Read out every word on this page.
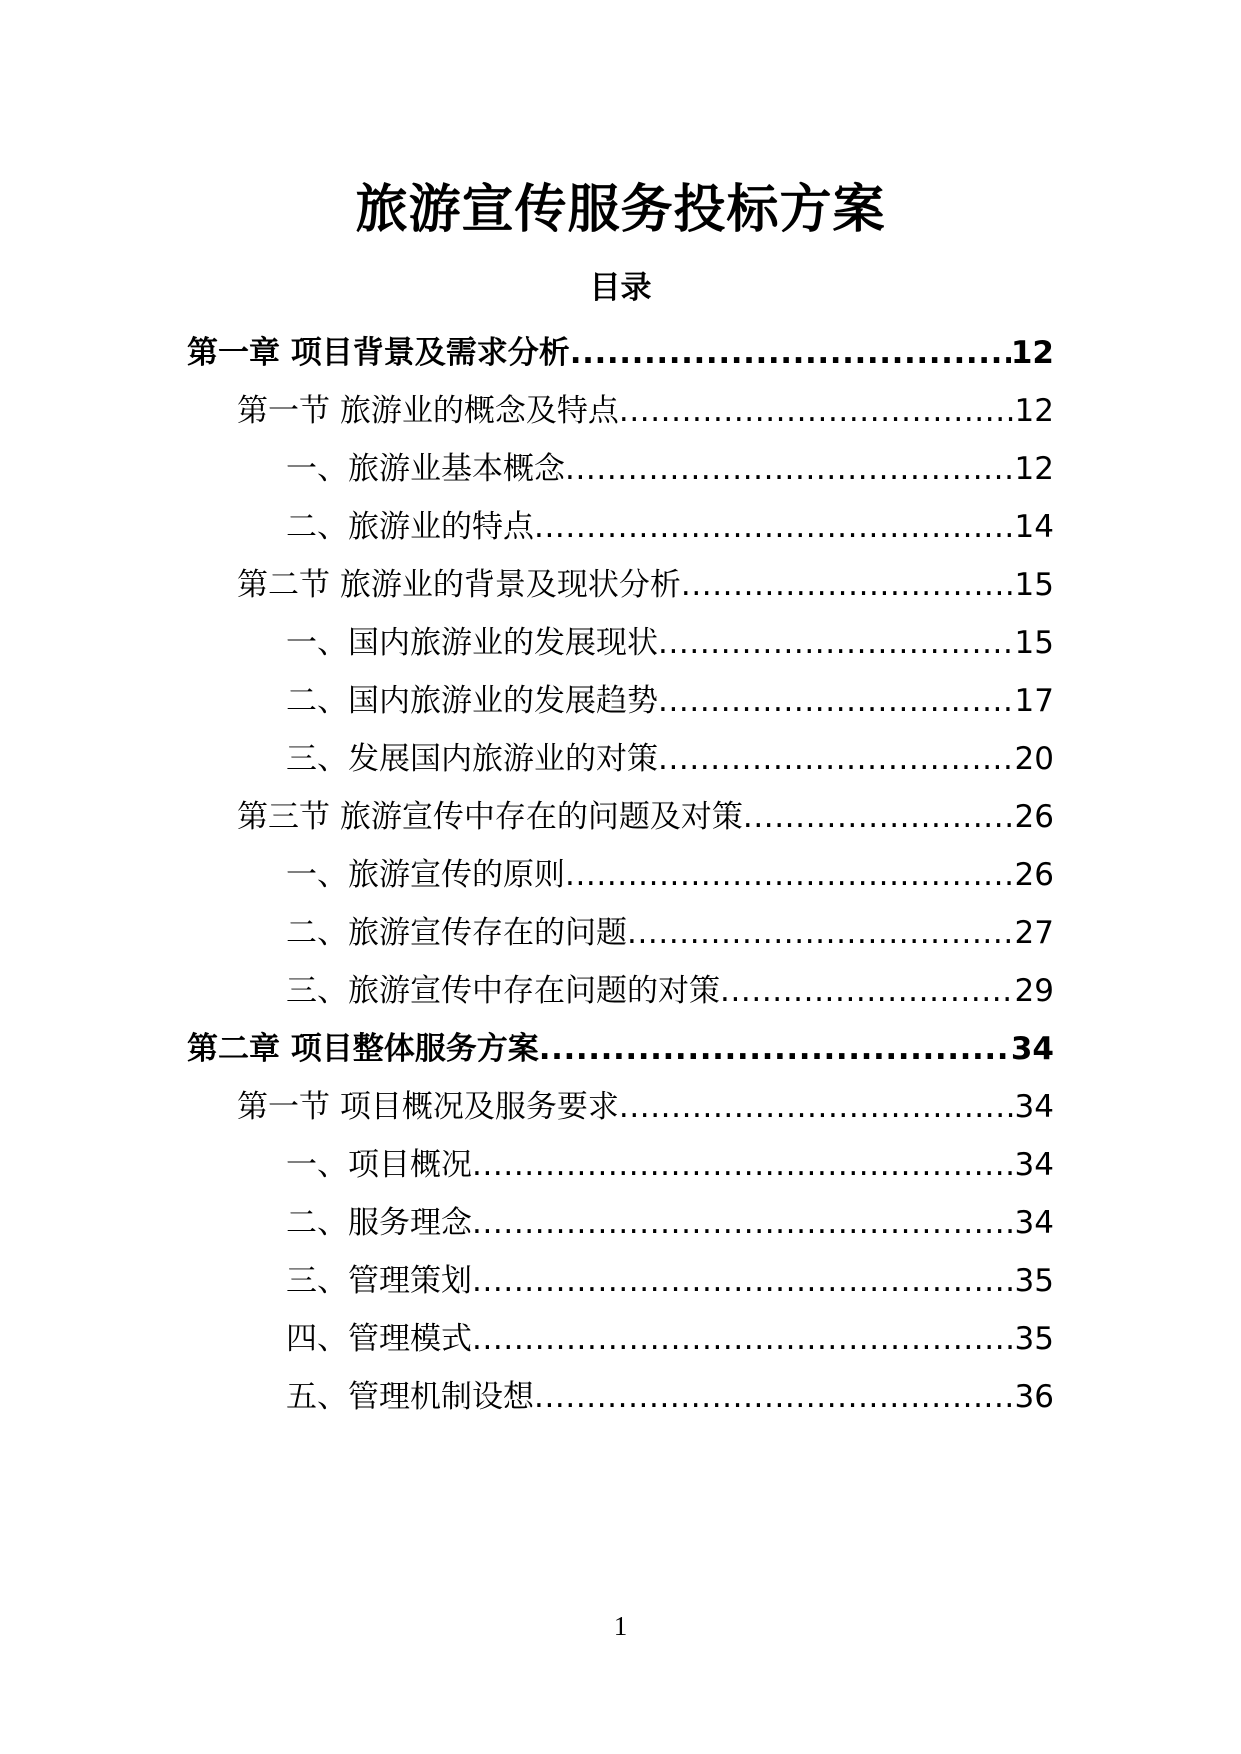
旅游宣传服务投标方案
目录
第一章 项目背景及需求分析 .....	12
第一节 旅游业的概念及特点 .....	12
一、旅游业基本概念 .....	12
二、旅游业的特点 .....	14
第二节 旅游业的背景及现状分析 .....	15
一、国内旅游业的发展现状 .....	15
二、国内旅游业的发展趋势 .....	17
三、发展国内旅游业的对策 .....	20
第三节 旅游宣传中存在的问题及对策 .....	26
一、旅游宣传的原则 .....	26
二、旅游宣传存在的问题 .....	27
三、旅游宣传中存在问题的对策 .....	29
第二章 项目整体服务方案 .....	34
第一节 项目概况及服务要求 .....	34
一、项目概况 .....	34
二、服务理念 .....	34
三、管理策划 .....	35
四、管理模式 .....	35
五、管理机制设想 .....	36
1
